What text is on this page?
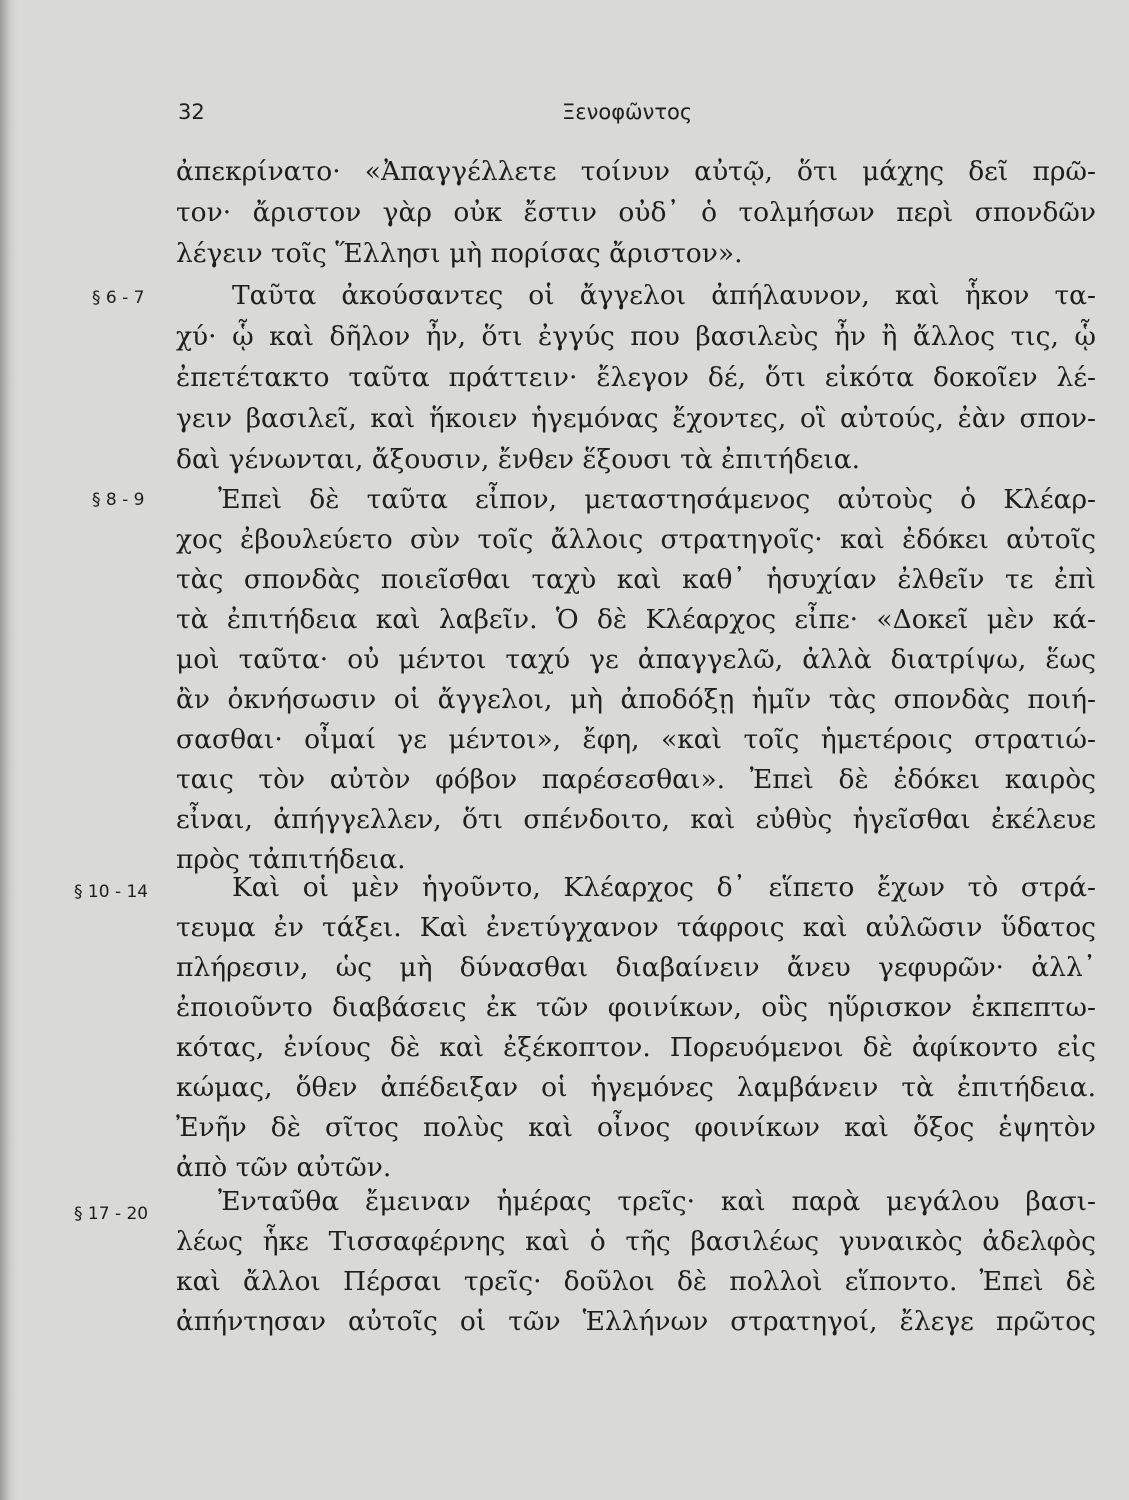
32	Ξενοφῶντος
ἀπεκρίνατο· «Ἀπαγγέλλετε τοίνυν αὐτῷ, ὅτι μάχης δεῖ πρῶ-
τον· ἄριστον γὰρ οὐκ ἔστιν οὐδ᾽ ὁ τολμήσων περὶ σπονδῶν
λέγειν τοῖς Ἕλλησι μὴ πορίσας ἄριστον».
§ 6 - 7	Ταῦτα ἀκούσαντες οἱ ἄγγελοι ἀπήλαυνον, καὶ ἧκον τα-
χύ· ᾧ καὶ δῆλον ἦν, ὅτι ἐγγύς που βασιλεὺς ἦν ἢ ἄλλος τις, ᾧ
ἐπετέτακτο ταῦτα πράττειν· ἔλεγον δέ, ὅτι εἰκότα δοκοῖεν λέ-
γειν βασιλεῖ, καὶ ἥκοιεν ἡγεμόνας ἔχοντες, οἳ αὐτούς, ἐὰν σπον-
δαὶ γένωνται, ἄξουσιν, ἔνθεν ἕξουσι τὰ ἐπιτήδεια.
§ 8 - 9	Ἐπεὶ δὲ ταῦτα εἶπον, μεταστησάμενος αὐτοὺς ὁ Κλέαρ-
χος ἐβουλεύετο σὺν τοῖς ἄλλοις στρατηγοῖς· καὶ ἐδόκει αὐτοῖς
τὰς σπονδὰς ποιεῖσθαι ταχὺ καὶ καθ᾽ ἡσυχίαν ἐλθεῖν τε ἐπὶ
τὰ ἐπιτήδεια καὶ λαβεῖν. Ὁ δὲ Κλέαρχος εἶπε· «Δοκεῖ μὲν κά-
μοὶ ταῦτα· οὐ μέντοι ταχύ γε ἀπαγγελῶ, ἀλλὰ διατρίψω, ἕως
ἂν ὀκνήσωσιν οἱ ἄγγελοι, μὴ ἀποδόξῃ ἡμῖν τὰς σπονδὰς ποιή-
σασθαι· οἶμαί γε μέντοι», ἔφη, «καὶ τοῖς ἡμετέροις στρατιώ-
ταις τὸν αὐτὸν φόβον παρέσεσθαι». Ἐπεὶ δὲ ἐδόκει καιρὸς
εἶναι, ἀπήγγελλεν, ὅτι σπένδοιτο, καὶ εὐθὺς ἡγεῖσθαι ἐκέλευε
πρὸς τἀπιτήδεια.
§ 10 - 14	Καὶ οἱ μὲν ἡγοῦντο, Κλέαρχος δ᾽ εἵπετο ἔχων τὸ στρά-
τευμα ἐν τάξει. Καὶ ἐνετύγχανον τάφροις καὶ αὐλῶσιν ὕδατος
πλήρεσιν, ὡς μὴ δύνασθαι διαβαίνειν ἄνευ γεφυρῶν· ἀλλ᾽
ἐποιοῦντο διαβάσεις ἐκ τῶν φοινίκων, οὓς ηὕρισκον ἐκπεπτω-
κότας, ἐνίους δὲ καὶ ἐξέκοπτον. Πορευόμενοι δὲ ἀφίκοντο εἰς
κώμας, ὅθεν ἀπέδειξαν οἱ ἡγεμόνες λαμβάνειν τὰ ἐπιτήδεια.
Ἐνῆν δὲ σῖτος πολὺς καὶ οἶνος φοινίκων καὶ ὄξος ἑψητὸν
ἀπὸ τῶν αὐτῶν.
§ 17 - 20	Ἐνταῦθα ἔμειναν ἡμέρας τρεῖς· καὶ παρὰ μεγάλου βασι-
λέως ἧκε Τισσαφέρνης καὶ ὁ τῆς βασιλέως γυναικὸς ἀδελφὸς
καὶ ἄλλοι Πέρσαι τρεῖς· δοῦλοι δὲ πολλοὶ εἵποντο. Ἐπεὶ δὲ
ἀπήντησαν αὐτοῖς οἱ τῶν Ἑλλήνων στρατηγοί, ἔλεγε πρῶτος
